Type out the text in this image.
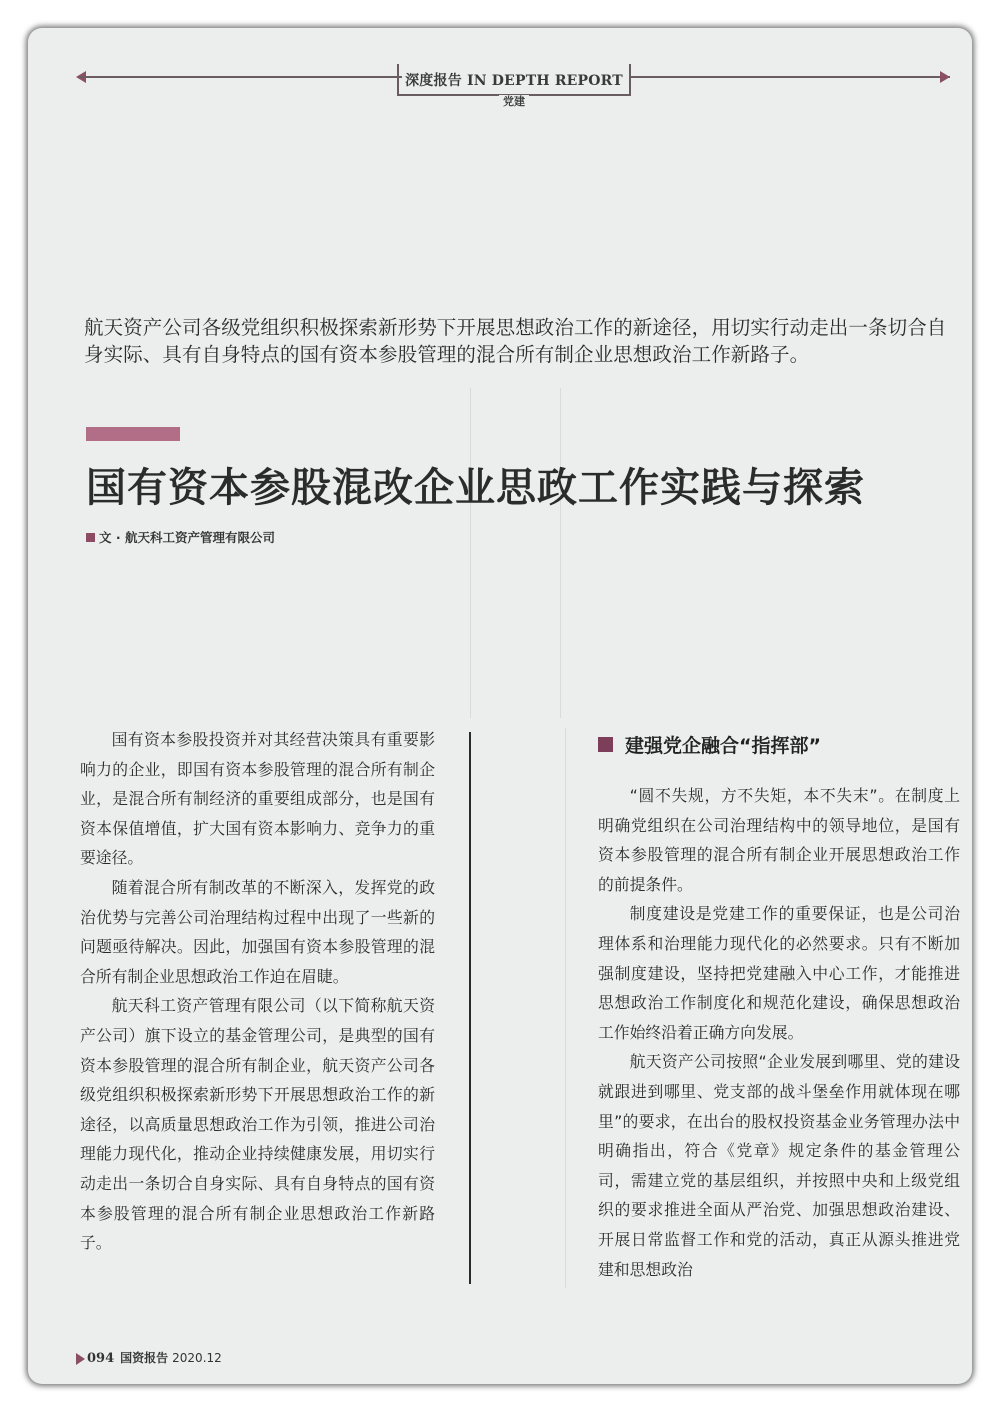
深度报告 IN DEPTH REPORT
党建
航天资产公司各级党组织积极探索新形势下开展思想政治工作的新途径，用切实行动走出一条切合自身实际、具有自身特点的国有资本参股管理的混合所有制企业思想政治工作新路子。
国有资本参股混改企业思政工作实践与探索
文 · 航天科工资产管理有限公司

国有资本参股投资并对其经营决策具有重要影响力的企业，即国有资本参股管理的混合所有制企业，是混合所有制经济的重要组成部分，也是国有资本保值增值，扩大国有资本影响力、竞争力的重要途径。

随着混合所有制改革的不断深入，发挥党的政治优势与完善公司治理结构过程中出现了一些新的问题亟待解决。因此，加强国有资本参股管理的混合所有制企业思想政治工作迫在眉睫。

航天科工资产管理有限公司（以下简称航天资产公司）旗下设立的基金管理公司，是典型的国有资本参股管理的混合所有制企业，航天资产公司各级党组织积极探索新形势下开展思想政治工作的新途径，以高质量思想政治工作为引领，推进公司治理能力现代化，推动企业持续健康发展，用切实行动走出一条切合自身实际、具有自身特点的国有资本参股管理的混合所有制企业思想政治工作新路子。

建强党企融合“指挥部”

“圆不失规，方不失矩，本不失末”。在制度上明确党组织在公司治理结构中的领导地位，是国有资本参股管理的混合所有制企业开展思想政治工作的前提条件。

制度建设是党建工作的重要保证，也是公司治理体系和治理能力现代化的必然要求。只有不断加强制度建设，坚持把党建融入中心工作，才能推进思想政治工作制度化和规范化建设，确保思想政治工作始终沿着正确方向发展。

航天资产公司按照“企业发展到哪里、党的建设就跟进到哪里、党支部的战斗堡垒作用就体现在哪里”的要求，在出台的股权投资基金业务管理办法中明确指出，符合《党章》规定条件的基金管理公司，需建立党的基层组织，并按照中央和上级党组织的要求推进全面从严治党、加强思想政治建设、开展日常监督工作和党的活动，真正从源头推进党建和思想政治

094 国资报告 2020.12
